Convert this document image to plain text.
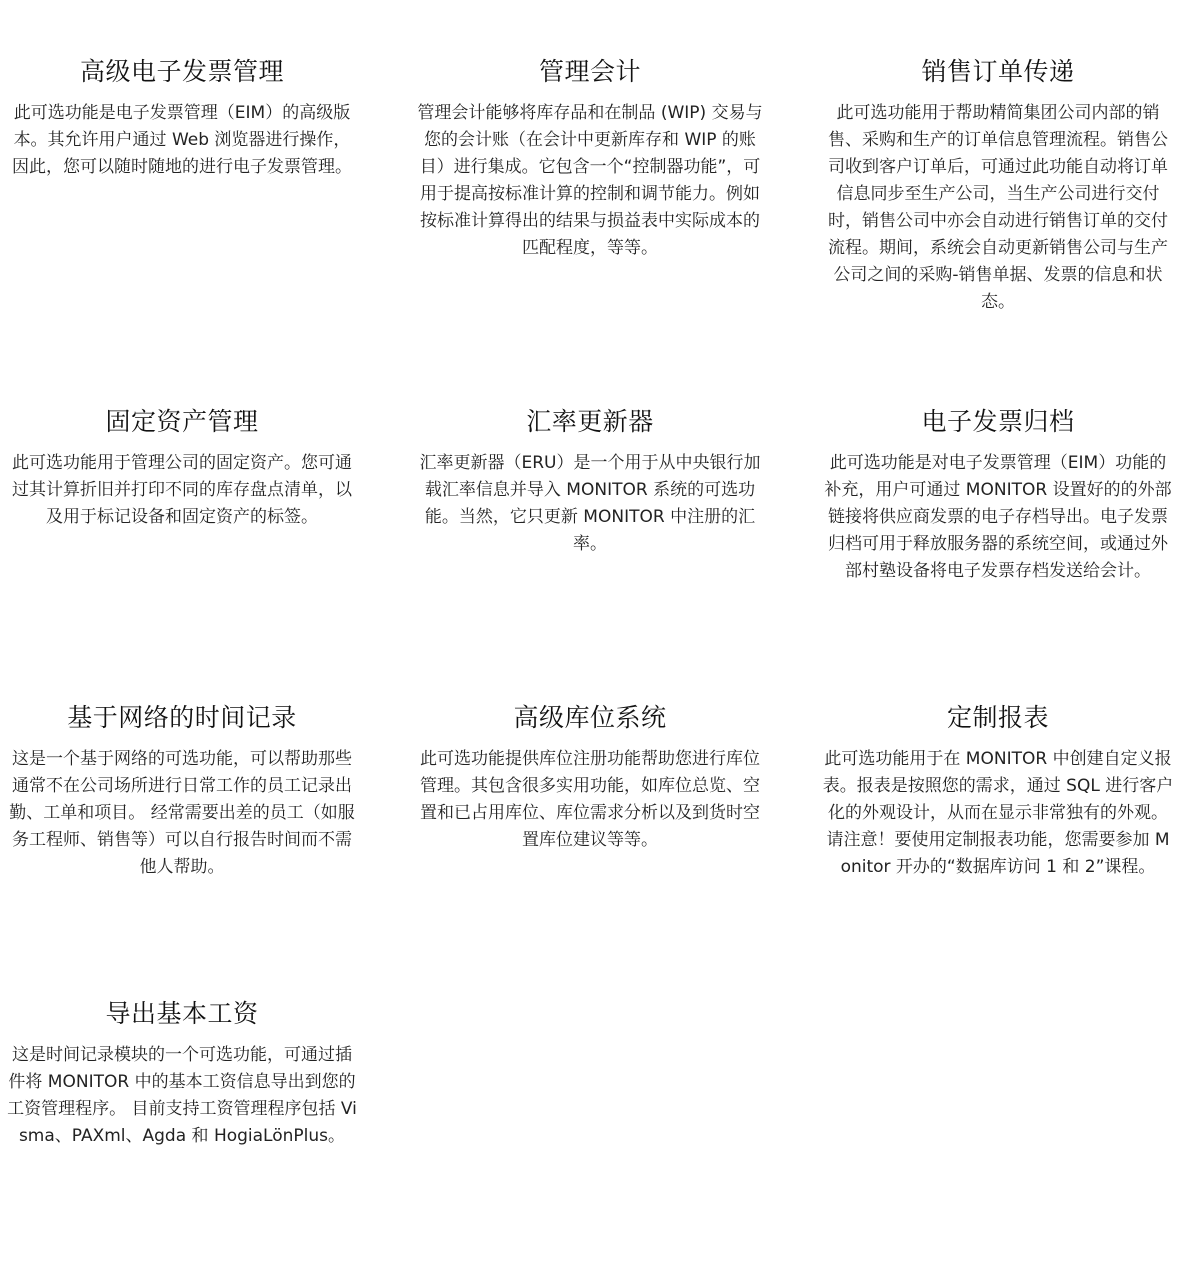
高级电子发票管理

此可选功能是电子发票管理（EIM）的高级版本。其允许用户通过 Web 浏览器进行操作，因此，您可以随时随地的进行电子发票管理。

管理会计

管理会计能够将库存品和在制品 (WIP) 交易与您的会计账（在会计中更新库存和 WIP 的账目）进行集成。它包含一个“控制器功能”，可用于提高按标准计算的控制和调节能力。例如按标准计算得出的结果与损益表中实际成本的匹配程度，等等。

销售订单传递

此可选功能用于帮助精简集团公司内部的销售、采购和生产的订单信息管理流程。销售公司收到客户订单后，可通过此功能自动将订单信息同步至生产公司，当生产公司进行交付时，销售公司中亦会自动进行销售订单的交付流程。期间，系统会自动更新销售公司与生产公司之间的采购-销售单据、发票的信息和状态。

固定资产管理

此可选功能用于管理公司的固定资产。您可通过其计算折旧并打印不同的库存盘点清单，以及用于标记设备和固定资产的标签。

汇率更新器

汇率更新器（ERU）是一个用于从中央银行加载汇率信息并导入 MONITOR 系统的可选功能。当然，它只更新 MONITOR 中注册的汇率。

电子发票归档

此可选功能是对电子发票管理（EIM）功能的补充，用户可通过 MONITOR 设置好的的外部链接将供应商发票的电子存档导出。电子发票归档可用于释放服务器的系统空间，或通过外部村塾设备将电子发票存档发送给会计。

基于网络的时间记录

这是一个基于网络的可选功能，可以帮助那些通常不在公司场所进行日常工作的员工记录出勤、工单和项目。 经常需要出差的员工（如服务工程师、销售等）可以自行报告时间而不需他人帮助。

高级库位系统

此可选功能提供库位注册功能帮助您进行库位管理。其包含很多实用功能，如库位总览、空置和已占用库位、库位需求分析以及到货时空置库位建议等等。

定制报表

此可选功能用于在 MONITOR 中创建自定义报表。报表是按照您的需求，通过 SQL 进行客户化的外观设计，从而在显示非常独有的外观。请注意！要使用定制报表功能，您需要参加 Monitor 开办的“数据库访问 1 和 2”课程。

导出基本工资

这是时间记录模块的一个可选功能，可通过插件将 MONITOR 中的基本工资信息导出到您的工资管理程序。 目前支持工资管理程序包括 Visma、PAXml、Agda 和 HogiaLönPlus。
